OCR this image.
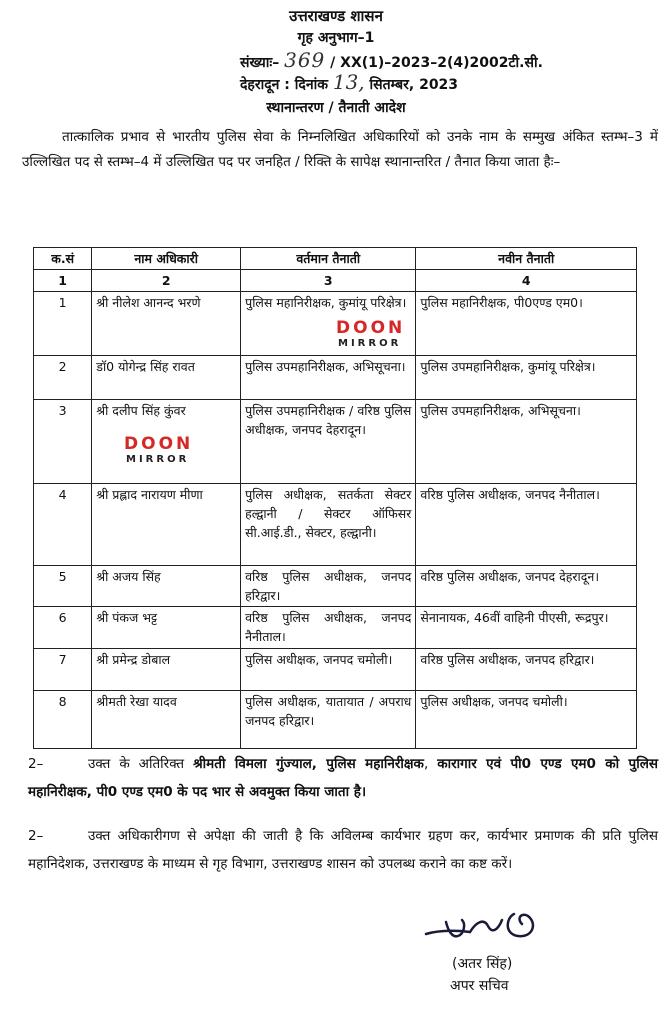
उत्तराखण्ड शासन
गृह अनुभाग–1
संख्याः– 369 / XX(1)–2023–2(4)2002टी.सी.
देहरादून : दिनांक 13, सितम्बर, 2023
स्थानान्तरण / तैनाती आदेश
तात्कालिक प्रभाव से भारतीय पुलिस सेवा के निम्नलिखित अधिकारियों को उनके नाम के सम्मुख अंकित स्तम्भ–3 में उल्लिखित पद से स्तम्भ–4 में उल्लिखित पद पर जनहित / रिक्ति के सापेक्ष स्थानान्तरित / तैनात किया जाता हैः–
क.सं	नाम अधिकारी	वर्तमान तैनाती	नवीन तैनाती
1	2	3	4
1	श्री नीलेश आनन्द भरणे	पुलिस महानिरीक्षक, कुमांयू परिक्षेत्र।	पुलिस महानिरीक्षक, पी0एण्ड एम0।
2	डॉ0 योगेन्द्र सिंह रावत	पुलिस उपमहानिरीक्षक, अभिसूचना।	पुलिस उपमहानिरीक्षक, कुमांयू परिक्षेत्र।
3	श्री दलीप सिंह कुंवर	पुलिस उपमहानिरीक्षक / वरिष्ठ पुलिस अधीक्षक, जनपद देहरादून।	पुलिस उपमहानिरीक्षक, अभिसूचना।
4	श्री प्रह्लाद नारायण मीणा	पुलिस अधीक्षक, सतर्कता सेक्टर हल्द्वानी / सेक्टर ऑफिसर सी.आई.डी., सेक्टर, हल्द्वानी।	वरिष्ठ पुलिस अधीक्षक, जनपद नैनीताल।
5	श्री अजय सिंह	वरिष्ठ पुलिस अधीक्षक, जनपद हरिद्वार।	वरिष्ठ पुलिस अधीक्षक, जनपद देहरादून।
6	श्री पंकज भट्ट	वरिष्ठ पुलिस अधीक्षक, जनपद नैनीताल।	सेनानायक, 46वीं वाहिनी पीएसी, रूद्रपुर।
7	श्री प्रमेन्द्र डोबाल	पुलिस अधीक्षक, जनपद चमोली।	वरिष्ठ पुलिस अधीक्षक, जनपद हरिद्वार।
8	श्रीमती रेखा यादव	पुलिस अधीक्षक, यातायात / अपराध जनपद हरिद्वार।	पुलिस अधीक्षक, जनपद चमोली।
DOON
MIRROR
DOON
MIRROR
2–	उक्त के अतिरिक्त श्रीमती विमला गुंज्याल, पुलिस महानिरीक्षक, कारागार एवं पी0 एण्ड एम0 को पुलिस महानिरीक्षक, पी0 एण्ड एम0 के पद भार से अवमुक्त किया जाता है।
2–	उक्त अधिकारीगण से अपेक्षा की जाती है कि अविलम्ब कार्यभार ग्रहण कर, कार्यभार प्रमाणक की प्रति पुलिस महानिदेशक, उत्तराखण्ड के माध्यम से गृह विभाग, उत्तराखण्ड शासन को उपलब्ध कराने का कष्ट करें।
(अतर सिंह)
अपर सचिव
